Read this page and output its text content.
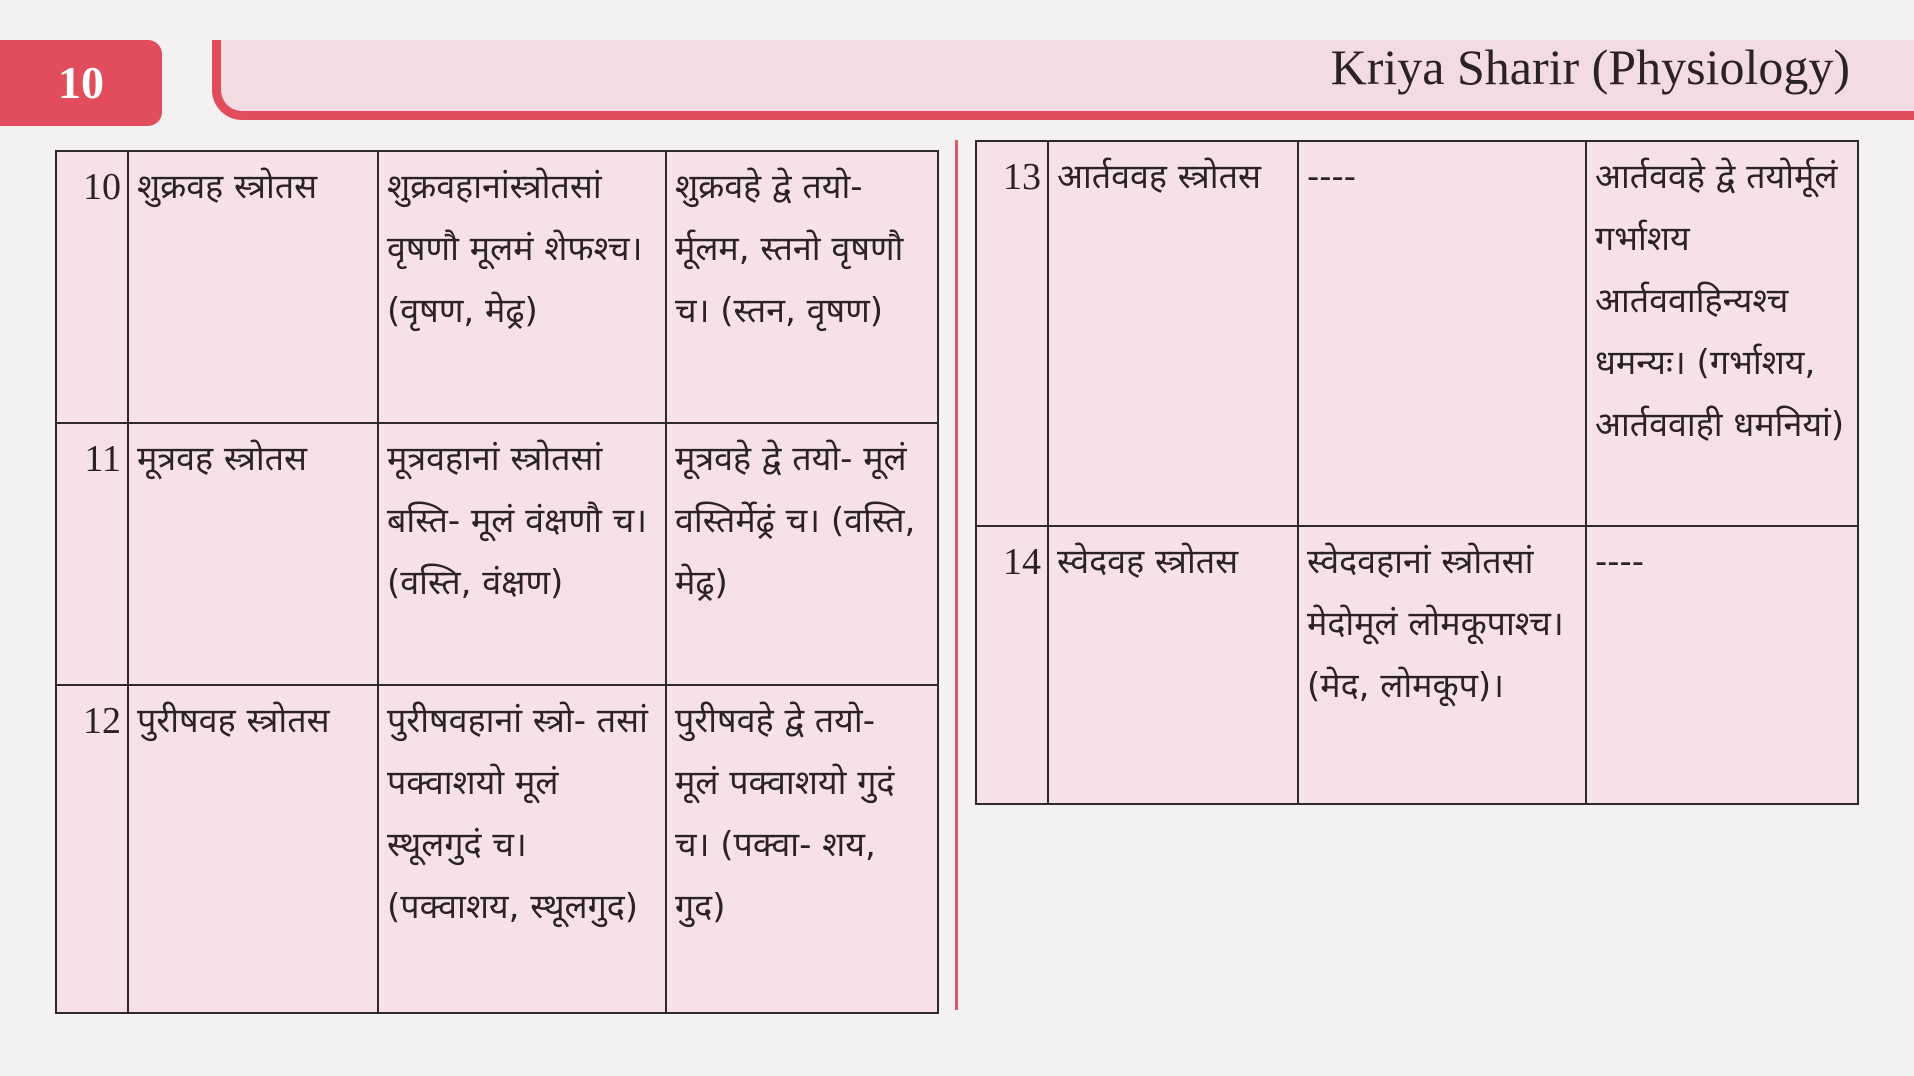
10	Kriya Sharir (Physiology)
10	शुक्रवह स्त्रोतस	शुक्रवहानांस्त्रोतसां वृषणौ मूलमं शेफश्च। (वृषण, मेढ्र)	शुक्रवहे द्वे तयो- र्मूलम, स्तनो वृषणौ च। (स्तन, वृषण)
11	मूत्रवह स्त्रोतस	मूत्रवहानां स्त्रोतसां बस्ति- मूलं वंक्षणौ च। (वस्ति, वंक्षण)	मूत्रवहे द्वे तयो- मूलं वस्तिर्मेढ्रं च। (वस्ति, मेढ्र)
12	पुरीषवह स्त्रोतस	पुरीषवहानां स्त्रो- तसां पक्वाशयो मूलं स्थूलगुदं च। (पक्वाशय, स्थूलगुद)	पुरीषवहे द्वे तयो- मूलं पक्वाशयो गुदं च। (पक्वा- शय, गुद)
13	आर्तववह स्त्रोतस	----	आर्तववहे द्वे तयोर्मूलं गर्भाशय आर्तववाहिन्यश्च धमन्यः। (गर्भाशय, आर्तववाही धमनियां)
14	स्वेदवह स्त्रोतस	स्वेदवहानां स्त्रोतसां मेदोमूलं लोमकूपाश्च। (मेद, लोमकूप)।	----
